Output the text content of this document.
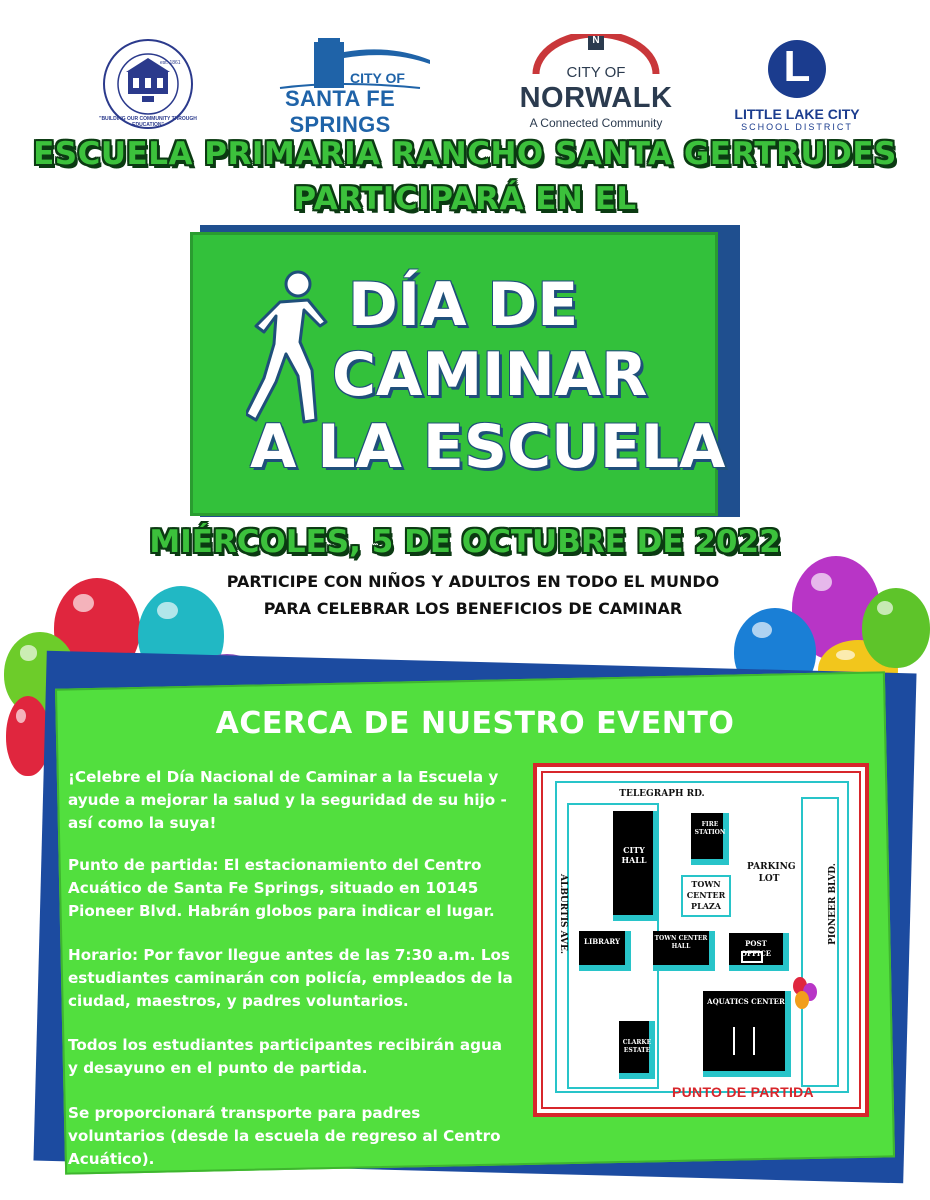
est. 1861
"BUILDING OUR COMMUNITY THROUGH EDUCATION"
CITY OF
SANTA FE SPRINGS
N
CITY OF
NORWALK
A Connected Community
L
LITTLE LAKE CITY
SCHOOL DISTRICT
ESCUELA PRIMARIA RANCHO SANTA GERTRUDES
PARTICIPARÁ EN EL
DÍA DE
CAMINAR
A LA ESCUELA
MIÉRCOLES, 5 DE OCTUBRE DE 2022
PARTICIPE CON NIÑOS Y ADULTOS EN TODO EL MUNDO
PARA CELEBRAR LOS BENEFICIOS DE CAMINAR
ACERCA DE NUESTRO EVENTO
¡Celebre el Día Nacional de Caminar a la Escuela y ayude a mejorar la salud y la seguridad de su hijo - así como la suya!
Punto de partida: El estacionamiento del Centro Acuático de Santa Fe Springs, situado en 10145 Pioneer Blvd. Habrán globos para indicar el lugar.
Horario: Por favor llegue antes de las 7:30 a.m. Los estudiantes caminarán con policía, empleados de la ciudad, maestros, y padres voluntarios.
Todos los estudiantes participantes recibirán agua y desayuno en el punto de partida.
Se proporcionará transporte para padres voluntarios (desde la escuela de regreso al Centro Acuático).
TELEGRAPH RD.
ALBURTIS AVE.	PIONEER BLVD.
CITY HALL
FIRE STATION
PARKING LOT
TOWN CENTER PLAZA
LIBRARY	TOWN CENTER HALL	POST OFFICE
AQUATICS CENTER
CLARKE ESTATE
PUNTO DE PARTIDA
